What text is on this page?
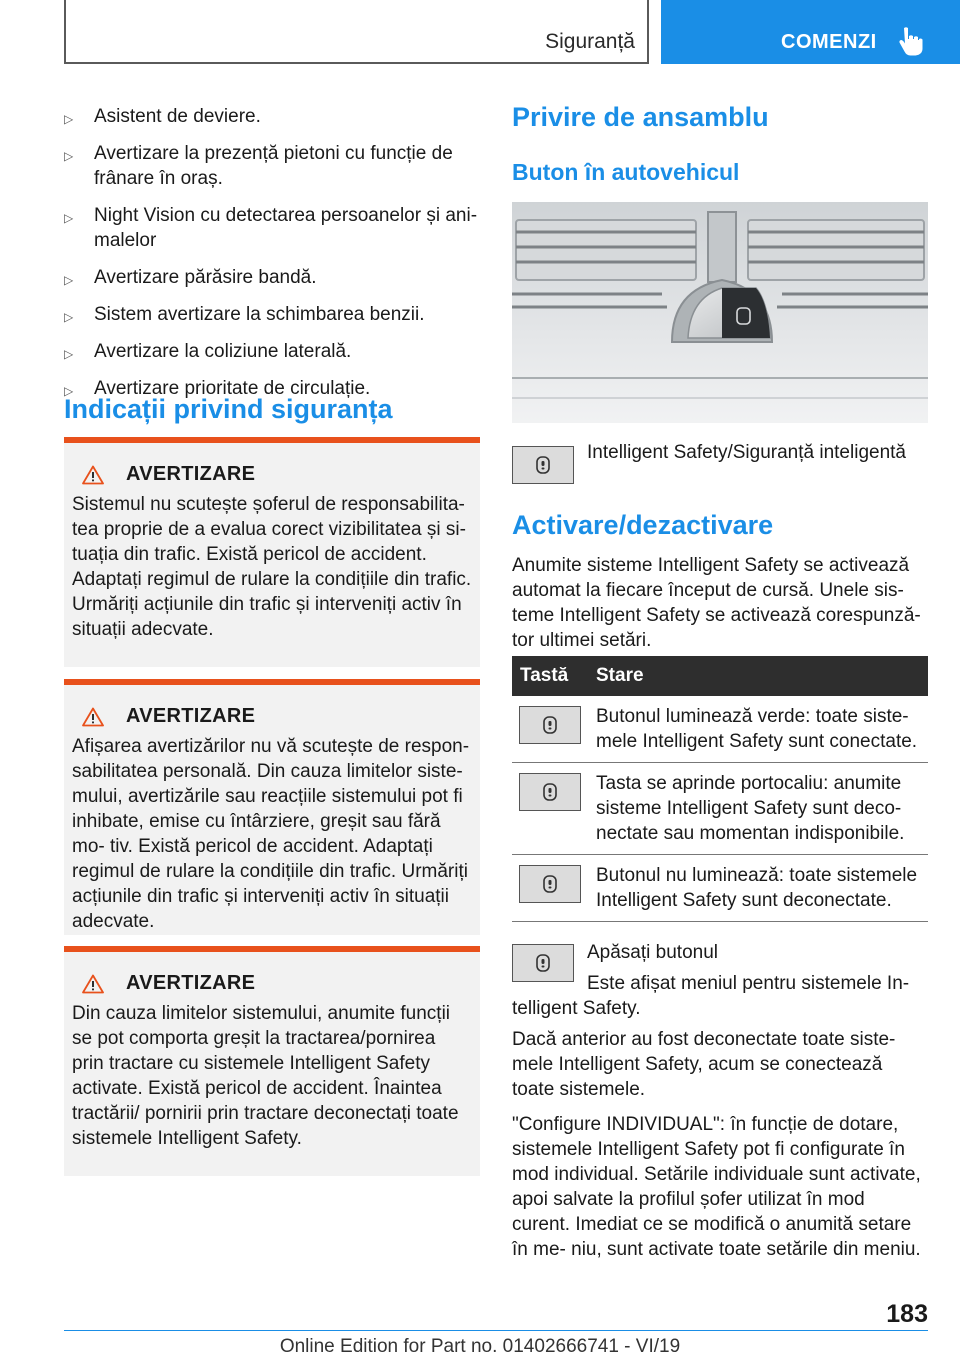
Siguranță	COMENZI
▷ Asistent de deviere.
▷ Avertizare la prezență pietoni cu funcție de frânare în oraș.
▷ Night Vision cu detectarea persoanelor și ani- malelor
▷ Avertizare părăsire bandă.
▷ Sistem avertizare la schimbarea benzii.
▷ Avertizare la coliziune laterală.
▷ Avertizare prioritate de circulație.
Indicații privind siguranța
AVERTIZARE

Sistemul nu scutește șoferul de responsabilita- tea proprie de a evalua corect vizibilitatea și si- tuația din trafic. Există pericol de accident. Adaptați regimul de rulare la condițiile din trafic. Urmăriți acțiunile din trafic și interveniți activ în situații adecvate.

AVERTIZARE

Afișarea avertizărilor nu vă scutește de respon- sabilitatea personală. Din cauza limitelor siste- mului, avertizările sau reacțiile sistemului pot fi inhibate, emise cu întârziere, greșit sau fără mo- tiv. Există pericol de accident. Adaptați regimul de rulare la condițiile din trafic. Urmăriți acțiunile din trafic și interveniți activ în situații adecvate.

AVERTIZARE

Din cauza limitelor sistemului, anumite funcții se pot comporta greșit la tractarea/pornirea prin tractare cu sistemele Intelligent Safety activate. Există pericol de accident. Înaintea tractării/ pornirii prin tractare deconectați toate sistemele Intelligent Safety.

Privire de ansamblu
Buton în autovehicul
Intelligent Safety/Siguranță inteligentă
Activare/dezactivare
Anumite sisteme Intelligent Safety se activează automat la fiecare început de cursă. Unele sis- teme Intelligent Safety se activează corespunză- tor ultimei setări.
Tastă	Stare

	Butonul luminează verde: toate siste- mele Intelligent Safety sunt conectate.

	Tasta se aprinde portocaliu: anumite sisteme Intelligent Safety sunt deco- nectate sau momentan indisponibile.

	Butonul nu luminează: toate sistemele Intelligent Safety sunt deconectate.
Apăsați butonul
Este afișat meniul pentru sistemele In- telligent Safety.
Dacă anterior au fost deconectate toate siste- mele Intelligent Safety, acum se conectează toate sistemele.
"Configure INDIVIDUAL": în funcție de dotare, sistemele Intelligent Safety pot fi configurate în mod individual. Setările individuale sunt activate, apoi salvate la profilul șofer utilizat în mod curent. Imediat ce se modifică o anumită setare în me- niu, sunt activate toate setările din meniu.
183
Online Edition for Part no. 01402666741 - VI/19
